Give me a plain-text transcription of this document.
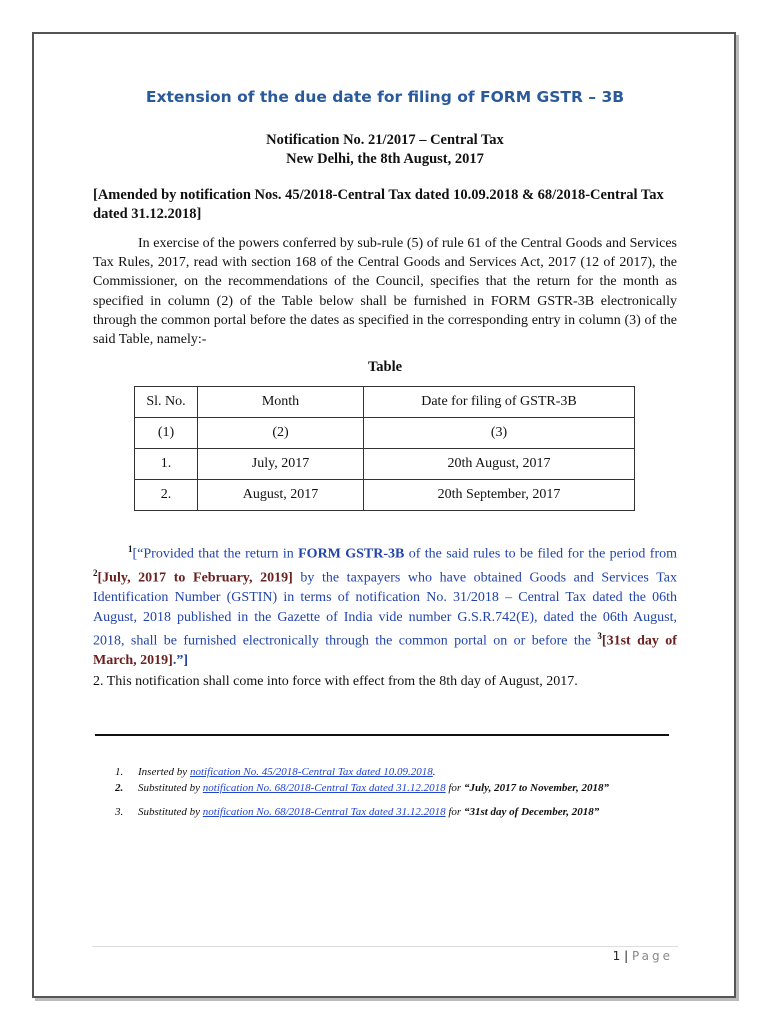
Extension of the due date for filing of FORM GSTR – 3B
Notification No. 21/2017 – Central Tax
New Delhi, the 8th August, 2017
[Amended by notification Nos. 45/2018-Central Tax dated 10.09.2018 & 68/2018-Central Tax dated 31.12.2018]
In exercise of the powers conferred by sub-rule (5) of rule 61 of the Central Goods and Services Tax Rules, 2017, read with section 168 of the Central Goods and Services Act, 2017 (12 of 2017), the Commissioner, on the recommendations of the Council, specifies that the return for the month as specified in column (2) of the Table below shall be furnished in FORM GSTR-3B electronically through the common portal before the dates as specified in the corresponding entry in column (3) of the said Table, namely:-
Table
Sl. No.	Month	Date for filing of GSTR-3B
(1)	(2)	(3)
1.	July, 2017	20th August, 2017
2.	August, 2017	20th September, 2017
$^1$[“Provided that the return in FORM GSTR-3B of the said rules to be filed for the period from $^2$[July, 2017 to February, 2019] by the taxpayers who have obtained Goods and Services Tax Identification Number (GSTIN) in terms of notification No. 31/2018 – Central Tax dated the 06th August, 2018 published in the Gazette of India vide number G.S.R.742(E), dated the 06th August, 2018, shall be furnished electronically through the common portal on or before the $^3$[31st day of March, 2019].”]
2. This notification shall come into force with effect from the 8th day of August, 2017.
1. Inserted by notification No. 45/2018-Central Tax dated 10.09.2018.
2. Substituted by notification No. 68/2018-Central Tax dated 31.12.2018 for “July, 2017 to November, 2018”
3. Substituted by notification No. 68/2018-Central Tax dated 31.12.2018 for “31st day of December, 2018”
1 | Page
